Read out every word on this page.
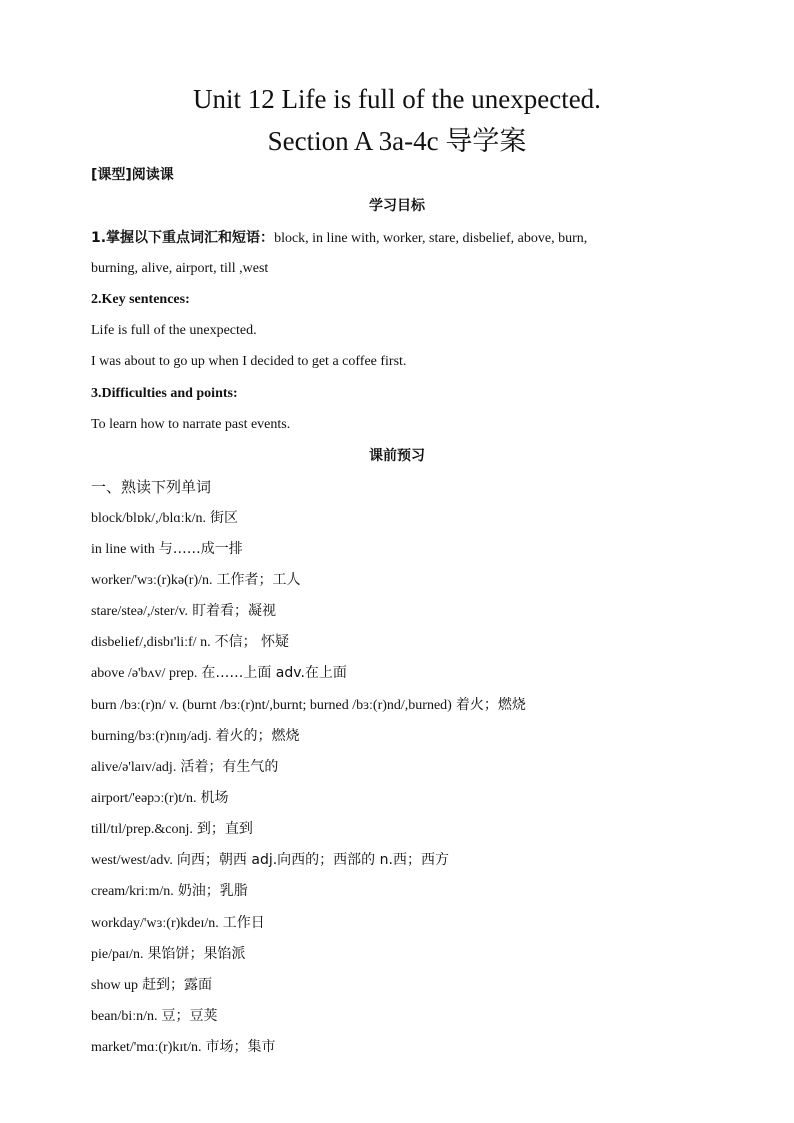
Unit 12 Life is full of the unexpected.
Section A 3a-4c 导学案
[课型]阅读课
学习目标
1.掌握以下重点词汇和短语：block, in line with, worker, stare, disbelief, above, burn,
burning, alive, airport, till ,west
2.Key sentences:
Life is full of the unexpected.
I was about to go up when I decided to get a coffee first.
3.Difficulties and points:
To learn how to narrate past events.
课前预习
一、熟读下列单词
block/blɒk/,/blɑːk/n. 街区
in line with 与……成一排
worker/'wɜː(r)kə(r)/n. 工作者；工人
stare/steə/,/ster/v. 盯着看；凝视
disbelief/,disbɪ'liːf/ n. 不信； 怀疑
above /ə'bʌv/ prep. 在……上面 adv.在上面
burn /bɜː(r)n/ v. (burnt /bɜː(r)nt/,burnt; burned /bɜː(r)nd/,burned) 着火；燃烧
burning/bɜː(r)nɪŋ/adj. 着火的；燃烧
alive/ə'laɪv/adj. 活着；有生气的
airport/'eəpɔː(r)t/n. 机场
till/tɪl/prep.&conj. 到；直到
west/west/adv. 向西；朝西 adj.向西的；西部的 n.西；西方
cream/kriːm/n. 奶油；乳脂
workday/'wɜː(r)kdeɪ/n. 工作日
pie/paɪ/n. 果馅饼；果馅派
show up 赶到；露面
bean/biːn/n. 豆；豆荚
market/'mɑː(r)kɪt/n. 市场；集市
